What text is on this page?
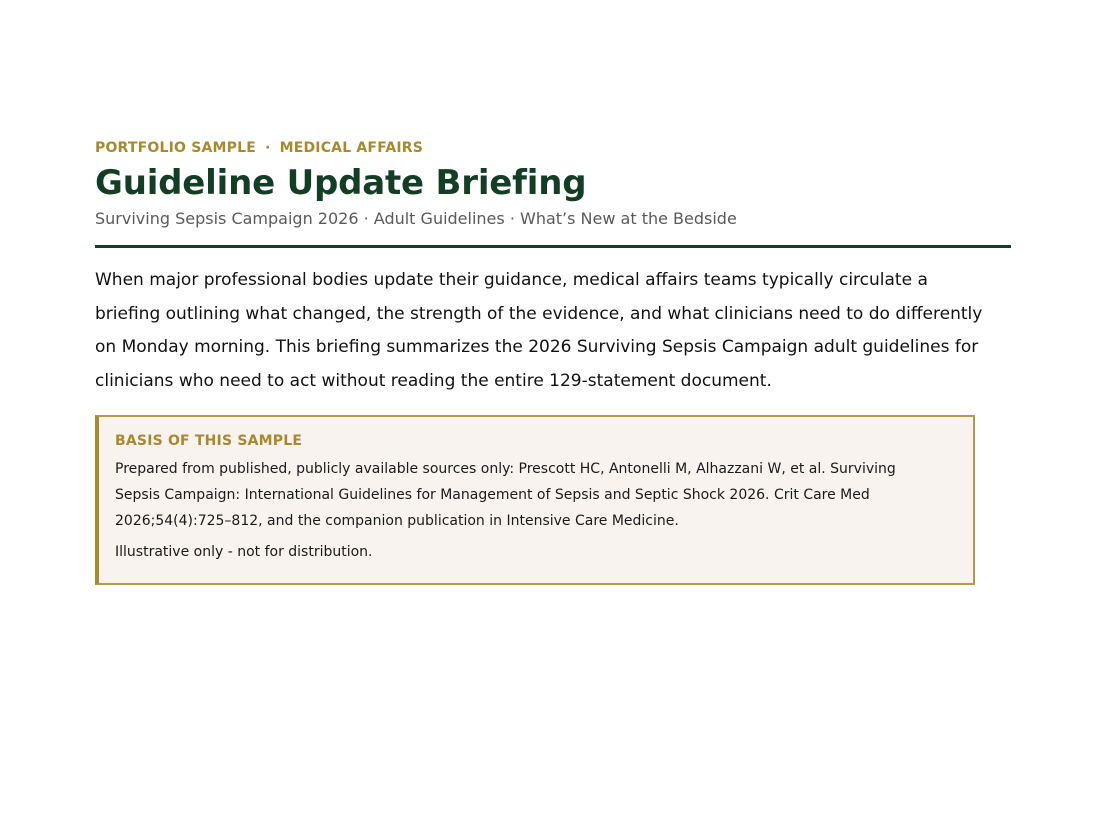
PORTFOLIO SAMPLE · MEDICAL AFFAIRS
Guideline Update Briefing
Surviving Sepsis Campaign 2026 · Adult Guidelines · What’s New at the Bedside

When major professional bodies update their guidance, medical affairs teams typically circulate a briefing outlining what changed, the strength of the evidence, and what clinicians need to do differently on Monday morning. This briefing summarizes the 2026 Surviving Sepsis Campaign adult guidelines for clinicians who need to act without reading the entire 129-statement document.

BASIS OF THIS SAMPLE
Prepared from published, publicly available sources only: Prescott HC, Antonelli M, Alhazzani W, et al. Surviving Sepsis Campaign: International Guidelines for Management of Sepsis and Septic Shock 2026. Crit Care Med 2026;54(4):725–812, and the companion publication in Intensive Care Medicine.
Illustrative only - not for distribution.
